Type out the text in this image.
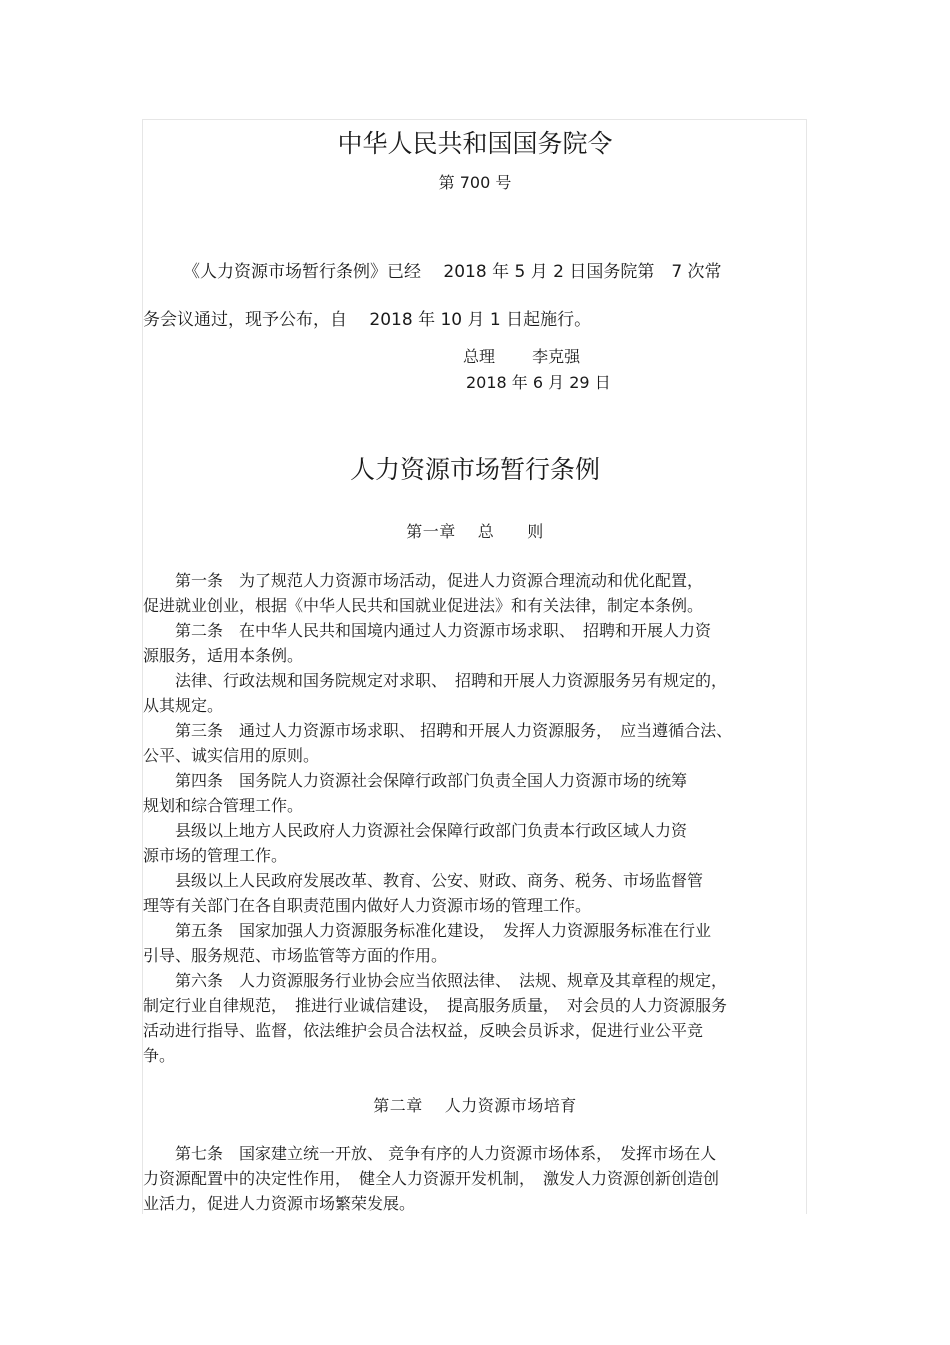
中华人民共和国国务院令
第 700 号
《人力资源市场暂行条例》已经　 2018 年 5 月 2 日国务院第　7 次常
务会议通过，现予公布，自　 2018 年 10 月 1 日起施行。
总理　　 李克强
2018 年 6 月 29 日
人力资源市场暂行条例
第一章　 总　　则
　　第一条　为了规范人力资源市场活动，促进人力资源合理流动和优化配置，
促进就业创业，根据《中华人民共和国就业促进法》和有关法律，制定本条例。
　　第二条　在中华人民共和国境内通过人力资源市场求职、　招聘和开展人力资
源服务，适用本条例。
　　法律、行政法规和国务院规定对求职、　招聘和开展人力资源服务另有规定的，
从其规定。
　　第三条　通过人力资源市场求职、 招聘和开展人力资源服务，　应当遵循合法、
公平、诚实信用的原则。
　　第四条　国务院人力资源社会保障行政部门负责全国人力资源市场的统筹
规划和综合管理工作。
　　县级以上地方人民政府人力资源社会保障行政部门负责本行政区域人力资
源市场的管理工作。
　　县级以上人民政府发展改革、教育、公安、财政、商务、税务、市场监督管
理等有关部门在各自职责范围内做好人力资源市场的管理工作。
　　第五条　国家加强人力资源服务标准化建设，　发挥人力资源服务标准在行业
引导、服务规范、市场监管等方面的作用。
　　第六条　人力资源服务行业协会应当依照法律、　法规、规章及其章程的规定，
制定行业自律规范，　推进行业诚信建设，　提高服务质量，　对会员的人力资源服务
活动进行指导、监督，依法维护会员合法权益，反映会员诉求，促进行业公平竞
争。
第二章　 人力资源市场培育
　　第七条　国家建立统一开放、 竞争有序的人力资源市场体系，　发挥市场在人
力资源配置中的决定性作用，　健全人力资源开发机制，　激发人力资源创新创造创
业活力，促进人力资源市场繁荣发展。
